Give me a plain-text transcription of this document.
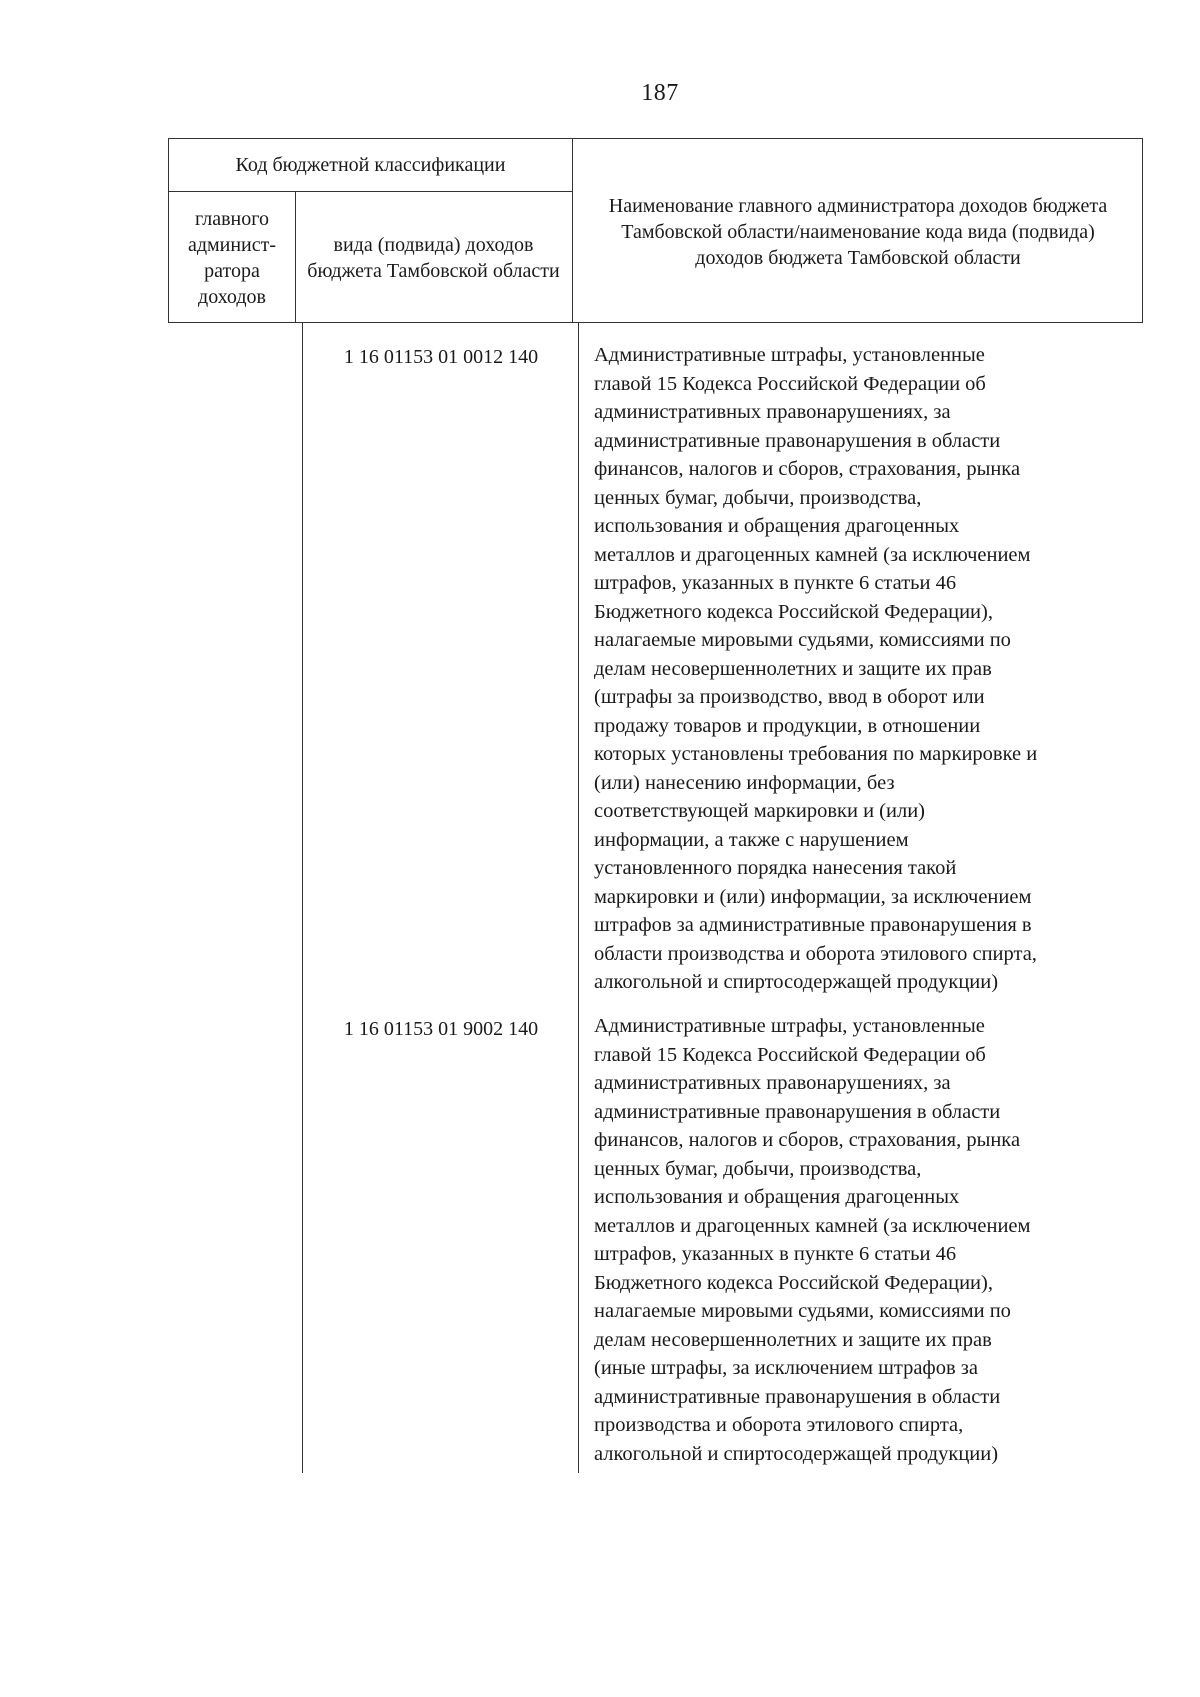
187
Код бюджетной классификации
главного админист-ратора доходов
вида (подвида) доходов бюджета Тамбовской области
Наименование главного администратора доходов бюджета Тамбовской области/наименование кода вида (подвида) доходов бюджета Тамбовской области
1 16 01153 01 0012 140	Административные штрафы, установленные
главой 15 Кодекса Российской Федерации об
административных правонарушениях, за
административные правонарушения в области
финансов, налогов и сборов, страхования, рынка
ценных бумаг, добычи, производства,
использования и обращения драгоценных
металлов и драгоценных камней (за исключением
штрафов, указанных в пункте 6 статьи 46
Бюджетного кодекса Российской Федерации),
налагаемые мировыми судьями, комиссиями по
делам несовершеннолетних и защите их прав
(штрафы за производство, ввод в оборот или
продажу товаров и продукции, в отношении
которых установлены требования по маркировке и
(или) нанесению информации, без
соответствующей маркировки и (или)
информации, а также с нарушением
установленного порядка нанесения такой
маркировки и (или) информации, за исключением
штрафов за административные правонарушения в
области производства и оборота этилового спирта,
алкогольной и спиртосодержащей продукции)
1 16 01153 01 9002 140	Административные штрафы, установленные
главой 15 Кодекса Российской Федерации об
административных правонарушениях, за
административные правонарушения в области
финансов, налогов и сборов, страхования, рынка
ценных бумаг, добычи, производства,
использования и обращения драгоценных
металлов и драгоценных камней (за исключением
штрафов, указанных в пункте 6 статьи 46
Бюджетного кодекса Российской Федерации),
налагаемые мировыми судьями, комиссиями по
делам несовершеннолетних и защите их прав
(иные штрафы, за исключением штрафов за
административные правонарушения в области
производства и оборота этилового спирта,
алкогольной и спиртосодержащей продукции)
